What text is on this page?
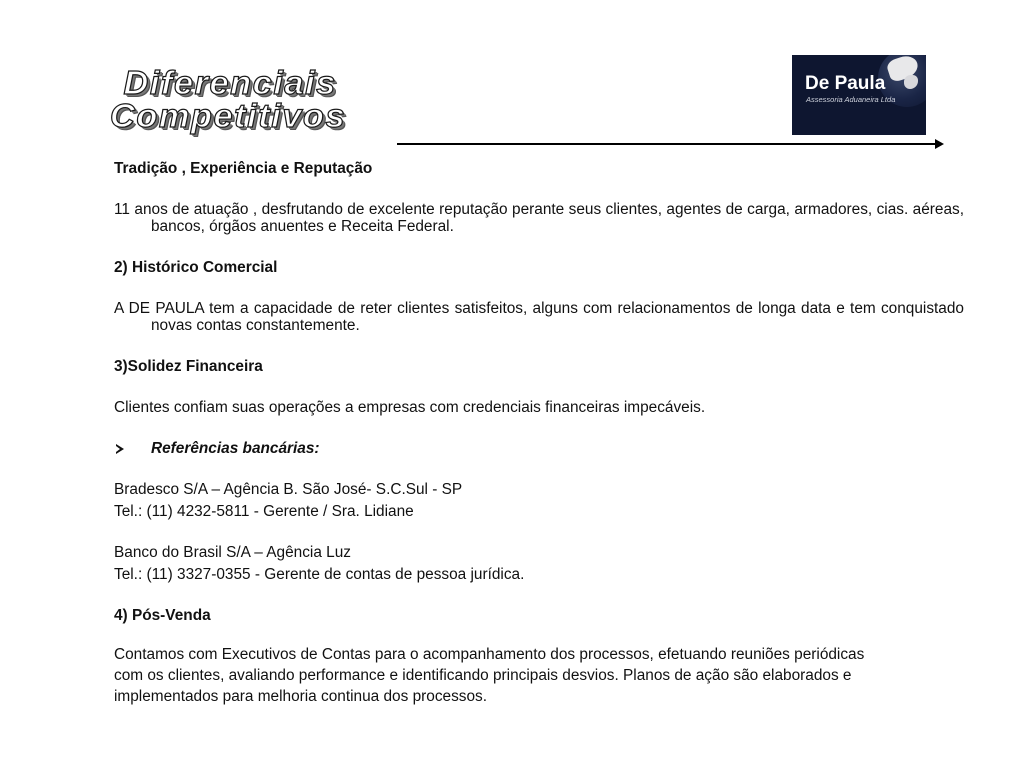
Diferenciais
Competitivos
De Paula
Assessoria Aduaneira Ltda

Tradição , Experiência e Reputação

11 anos de atuação , desfrutando de excelente reputação perante seus clientes, agentes de carga, armadores, cias. aéreas, bancos, órgãos anuentes e Receita Federal.

2) Histórico Comercial

A DE PAULA tem a capacidade de reter clientes satisfeitos, alguns com relacionamentos de longa data e tem conquistado novas contas constantemente.

3)Solidez Financeira

Clientes confiam suas operações a empresas com credenciais financeiras impecáveis.

Referências bancárias:

Bradesco S/A – Agência B. São José- S.C.Sul - SP

Tel.: (11) 4232-5811 - Gerente / Sra. Lidiane

Banco do Brasil S/A – Agência Luz

Tel.: (11) 3327-0355 - Gerente de contas de pessoa jurídica.

4) Pós-Venda

Contamos com Executivos de Contas para o acompanhamento dos processos, efetuando reuniões periódicas

com os clientes, avaliando performance e identificando principais desvios. Planos de ação são elaborados e

implementados para melhoria continua dos processos.
